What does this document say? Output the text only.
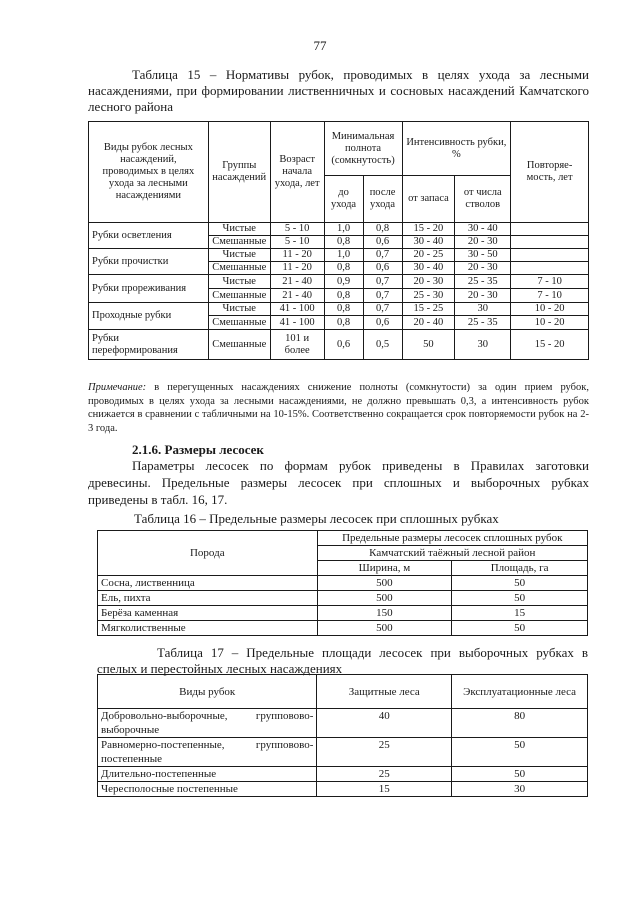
77
Таблица 15 – Нормативы рубок, проводимых в целях ухода за лесными насаждениями, при формировании лиственничных и сосновых насаждений Камчатского лесного района
Виды рубок лесных насаждений, проводимых в целях ухода за лесными насаждениями	Группы насаждений	Возраст начала ухода, лет	Минимальная полнота (сомкнутость)		Интенсивность рубки, %		Повторяе-мость, лет
			до ухода	после ухода	от запаса	от числа стволов	
Рубки осветления	Чистые	5 - 10	1,0	0,8	15 - 20	30 - 40	
	Смешанные	5 - 10	0,8	0,6	30 - 40	20 - 30	
Рубки прочистки	Чистые	11 - 20	1,0	0,7	20 - 25	30 - 50	
	Смешанные	11 - 20	0,8	0,6	30 - 40	20 - 30	
Рубки прореживания	Чистые	21 - 40	0,9	0,7	20 - 30	25 - 35	7 - 10
	Смешанные	21 - 40	0,8	0,7	25 - 30	20 - 30	7 - 10
Проходные рубки	Чистые	41 - 100	0,8	0,7	15 - 25	30	10 - 20
	Смешанные	41 - 100	0,8	0,6	20 - 40	25 - 35	10 - 20
Рубки переформирования	Смешанные	101 и более	0,6	0,5	50	30	15 - 20
Примечание: в перегущенных насаждениях снижение полноты (сомкнутости) за один прием рубок, проводимых в целях ухода за лесными насаждениями, не должно превышать 0,3, а интенсивность рубок снижается в сравнении с табличными на 10-15%. Соответственно сокращается срок повторяемости рубок на 2-3 года.
2.1.6. Размеры лесосек
Параметры лесосек по формам рубок приведены в Правилах заготовки древесины. Предельные размеры лесосек при сплошных и выборочных рубках приведены в табл. 16, 17.
Таблица 16 – Предельные размеры лесосек при сплошных рубках
Порода	Предельные размеры лесосек сплошных рубок	
	Камчатский таёжный лесной район	
	Ширина, м	Площадь, га
Сосна, лиственница	500	50
Ель, пихта	500	50
Берёза каменная	150	15
Мягколиственные	500	50
Таблица 17 – Предельные площади лесосек при выборочных рубках в спелых и перестойных лесных насаждениях
Виды рубок	Защитные леса	Эксплуатационные леса
Добровольно-выборочные, групповово-выборочные	40	80
Равномерно-постепенные, групповово-постепенные	25	50
Длительно-постепенные	25	50
Чересполосные постепенные	15	30
